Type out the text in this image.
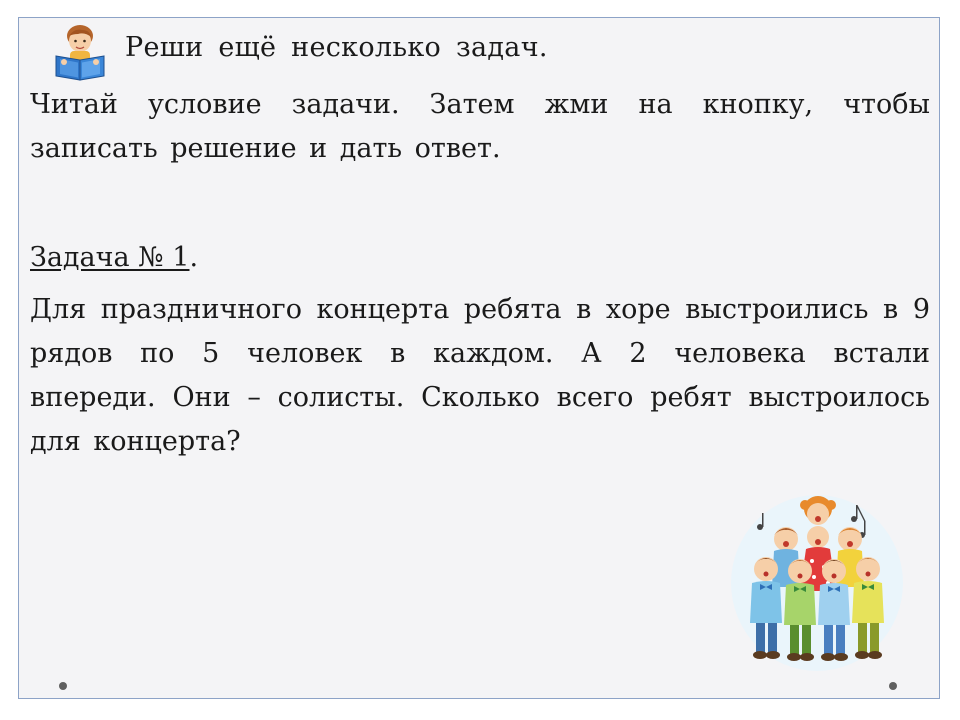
Реши ещё несколько задач.
Читай условие задачи. Затем жми на кнопку, чтобы записать решение и дать ответ.
Задача № 1.
Для праздничного концерта ребята в хоре выстроились в 9 рядов по 5 человек в каждом. А 2 человека встали впереди. Они – солисты. Сколько всего ребят выстроилось для концерта?
